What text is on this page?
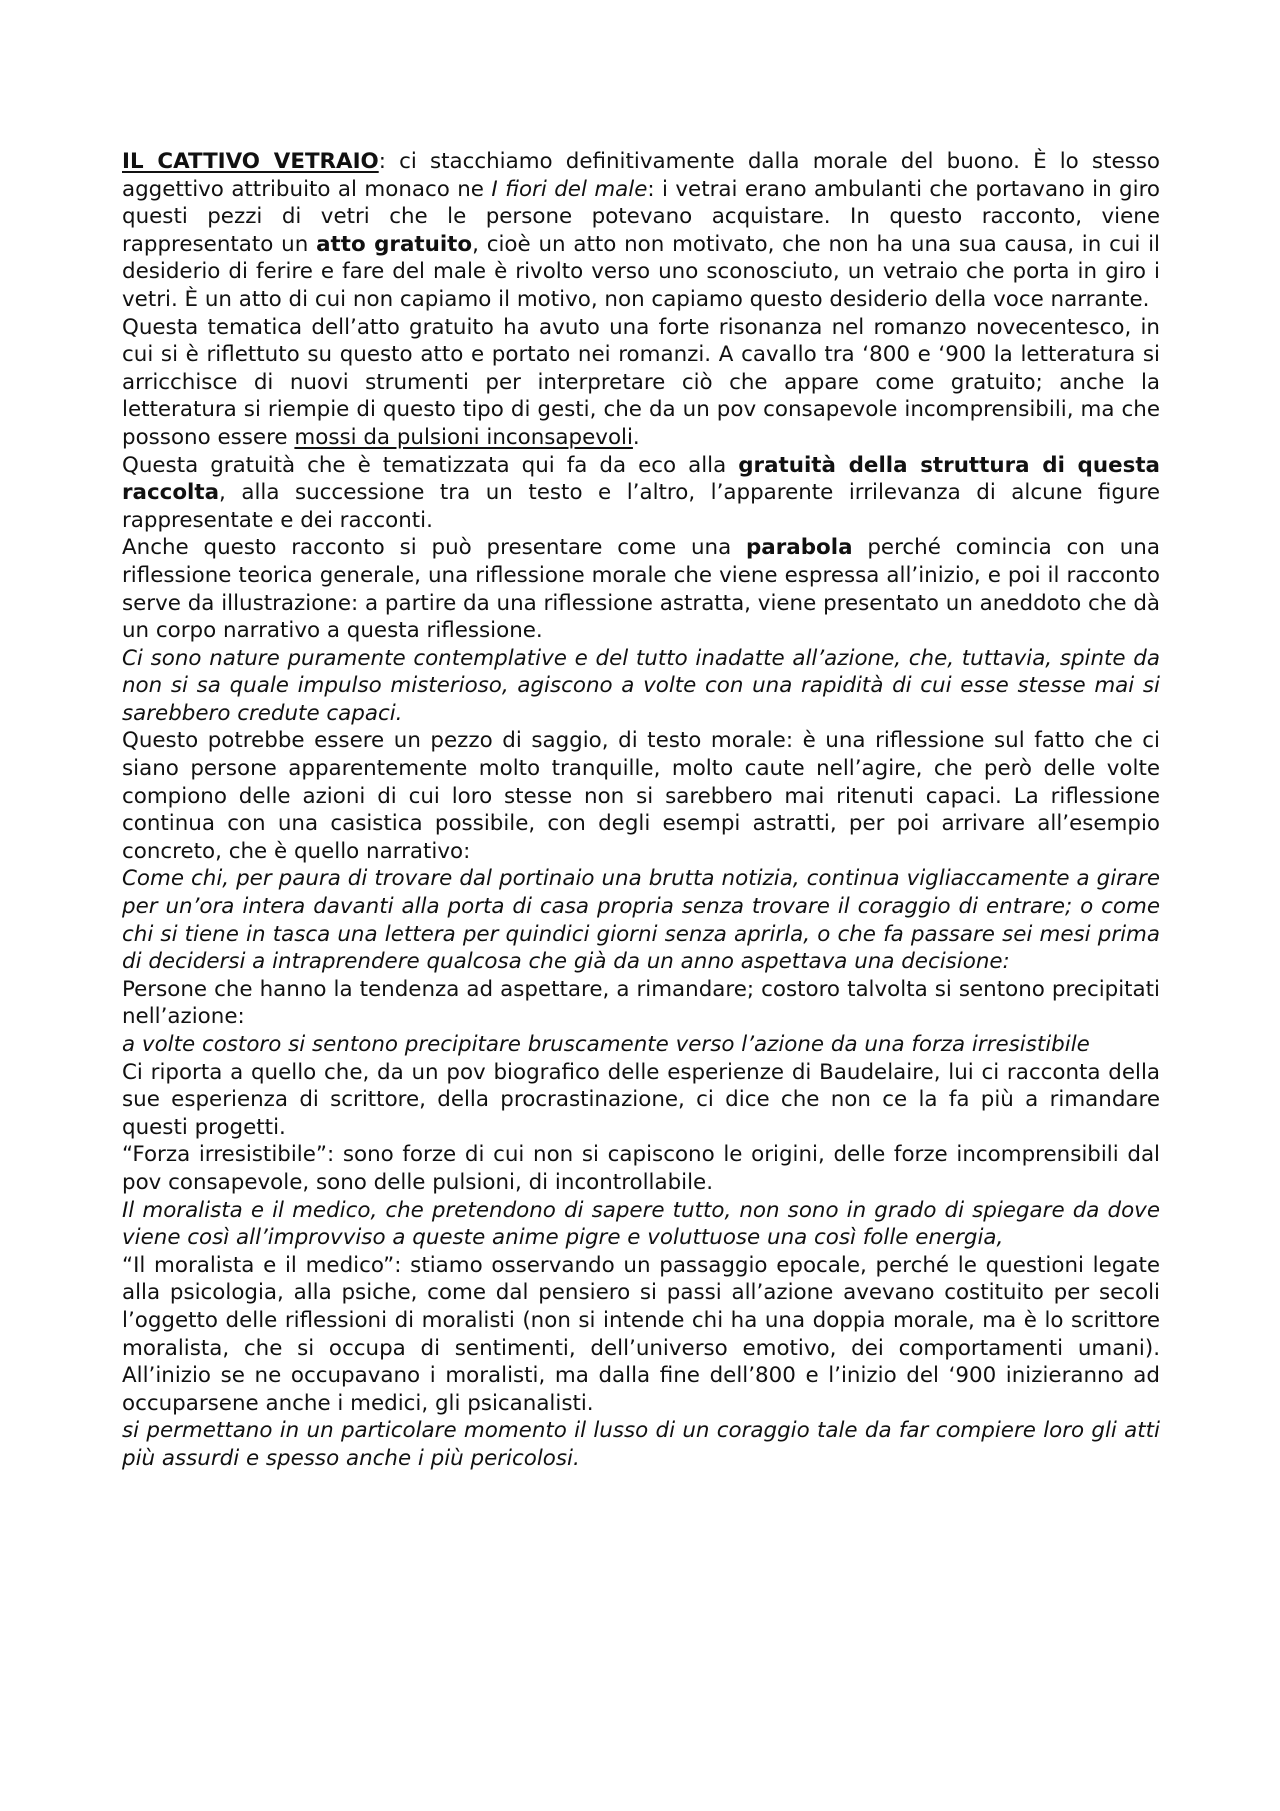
IL CATTIVO VETRAIO: ci stacchiamo definitivamente dalla morale del buono. È lo stesso aggettivo attribuito al monaco ne I fiori del male: i vetrai erano ambulanti che portavano in giro questi pezzi di vetri che le persone potevano acquistare. In questo racconto, viene rappresentato un atto gratuito, cioè un atto non motivato, che non ha una sua causa, in cui il desiderio di ferire e fare del male è rivolto verso uno sconosciuto, un vetraio che porta in giro i vetri. È un atto di cui non capiamo il motivo, non capiamo questo desiderio della voce narrante.

Questa tematica dell’atto gratuito ha avuto una forte risonanza nel romanzo novecentesco, in cui si è riflettuto su questo atto e portato nei romanzi. A cavallo tra ‘800 e ‘900 la letteratura si arricchisce di nuovi strumenti per interpretare ciò che appare come gratuito; anche la letteratura si riempie di questo tipo di gesti, che da un pov consapevole incomprensibili, ma che possono essere mossi da pulsioni inconsapevoli.

Questa gratuità che è tematizzata qui fa da eco alla gratuità della struttura di questa raccolta, alla successione tra un testo e l’altro, l’apparente irrilevanza di alcune figure rappresentate e dei racconti.

Anche questo racconto si può presentare come una parabola perché comincia con una riflessione teorica generale, una riflessione morale che viene espressa all’inizio, e poi il racconto serve da illustrazione: a partire da una riflessione astratta, viene presentato un aneddoto che dà un corpo narrativo a questa riflessione.

Ci sono nature puramente contemplative e del tutto inadatte all’azione, che, tuttavia, spinte da non si sa quale impulso misterioso, agiscono a volte con una rapidità di cui esse stesse mai si sarebbero credute capaci.

Questo potrebbe essere un pezzo di saggio, di testo morale: è una riflessione sul fatto che ci siano persone apparentemente molto tranquille, molto caute nell’agire, che però delle volte compiono delle azioni di cui loro stesse non si sarebbero mai ritenuti capaci. La riflessione continua con una casistica possibile, con degli esempi astratti, per poi arrivare all’esempio concreto, che è quello narrativo:

Come chi, per paura di trovare dal portinaio una brutta notizia, continua vigliaccamente a girare per un’ora intera davanti alla porta di casa propria senza trovare il coraggio di entrare; o come chi si tiene in tasca una lettera per quindici giorni senza aprirla, o che fa passare sei mesi prima di decidersi a intraprendere qualcosa che già da un anno aspettava una decisione:

Persone che hanno la tendenza ad aspettare, a rimandare; costoro talvolta si sentono precipitati nell’azione:

a volte costoro si sentono precipitare bruscamente verso l’azione da una forza irresistibile

Ci riporta a quello che, da un pov biografico delle esperienze di Baudelaire, lui ci racconta della sue esperienza di scrittore, della procrastinazione, ci dice che non ce la fa più a rimandare questi progetti.

“Forza irresistibile”: sono forze di cui non si capiscono le origini, delle forze incomprensibili dal pov consapevole, sono delle pulsioni, di incontrollabile.

Il moralista e il medico, che pretendono di sapere tutto, non sono in grado di spiegare da dove viene così all’improvviso a queste anime pigre e voluttuose una così folle energia,

“Il moralista e il medico”: stiamo osservando un passaggio epocale, perché le questioni legate alla psicologia, alla psiche, come dal pensiero si passi all’azione avevano costituito per secoli l’oggetto delle riflessioni di moralisti (non si intende chi ha una doppia morale, ma è lo scrittore moralista, che si occupa di sentimenti, dell’universo emotivo, dei comportamenti umani). All’inizio se ne occupavano i moralisti, ma dalla fine dell’800 e l’inizio del ‘900 inizieranno ad occuparsene anche i medici, gli psicanalisti.

si permettano in un particolare momento il lusso di un coraggio tale da far compiere loro gli atti più assurdi e spesso anche i più pericolosi.
